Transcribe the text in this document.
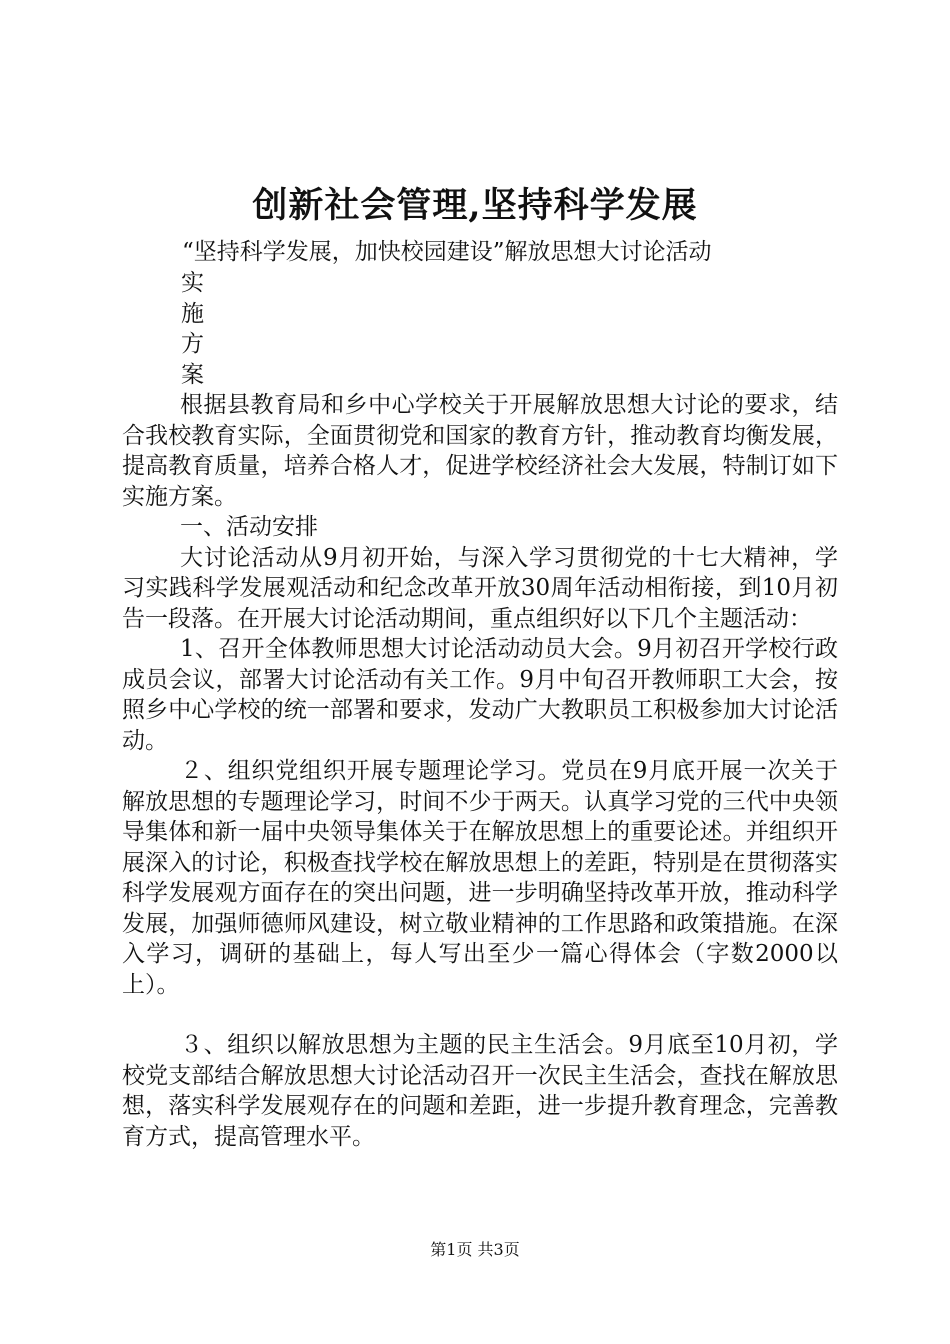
创新社会管理,坚持科学发展
“坚持科学发展，加快校园建设”解放思想大讨论活动
实
施
方
案

根据县教育局和乡中心学校关于开展解放思想大讨论的要求，结合我校教育实际，全面贯彻党和国家的教育方针，推动教育均衡发展，提高教育质量，培养合格人才，促进学校经济社会大发展，特制订如下实施方案。

一、活动安排

大讨论活动从9月初开始，与深入学习贯彻党的十七大精神，学习实践科学发展观活动和纪念改革开放30周年活动相衔接，到10月初告一段落。在开展大讨论活动期间，重点组织好以下几个主题活动：

1、召开全体教师思想大讨论活动动员大会。9月初召开学校行政成员会议，部署大讨论活动有关工作。9月中旬召开教师职工大会，按照乡中心学校的统一部署和要求，发动广大教职员工积极参加大讨论活动。

２、组织党组织开展专题理论学习。党员在9月底开展一次关于解放思想的专题理论学习，时间不少于两天。认真学习党的三代中央领导集体和新一届中央领导集体关于在解放思想上的重要论述。并组织开展深入的讨论，积极查找学校在解放思想上的差距，特别是在贯彻落实科学发展观方面存在的突出问题，进一步明确坚持改革开放，推动科学发展，加强师德师风建设，树立敬业精神的工作思路和政策措施。在深入学习，调研的基础上，每人写出至少一篇心得体会（字数2000以上）。

３、组织以解放思想为主题的民主生活会。9月底至10月初，学校党支部结合解放思想大讨论活动召开一次民主生活会，查找在解放思想，落实科学发展观存在的问题和差距，进一步提升教育理念，完善教育方式，提高管理水平。

第1页 共3页
